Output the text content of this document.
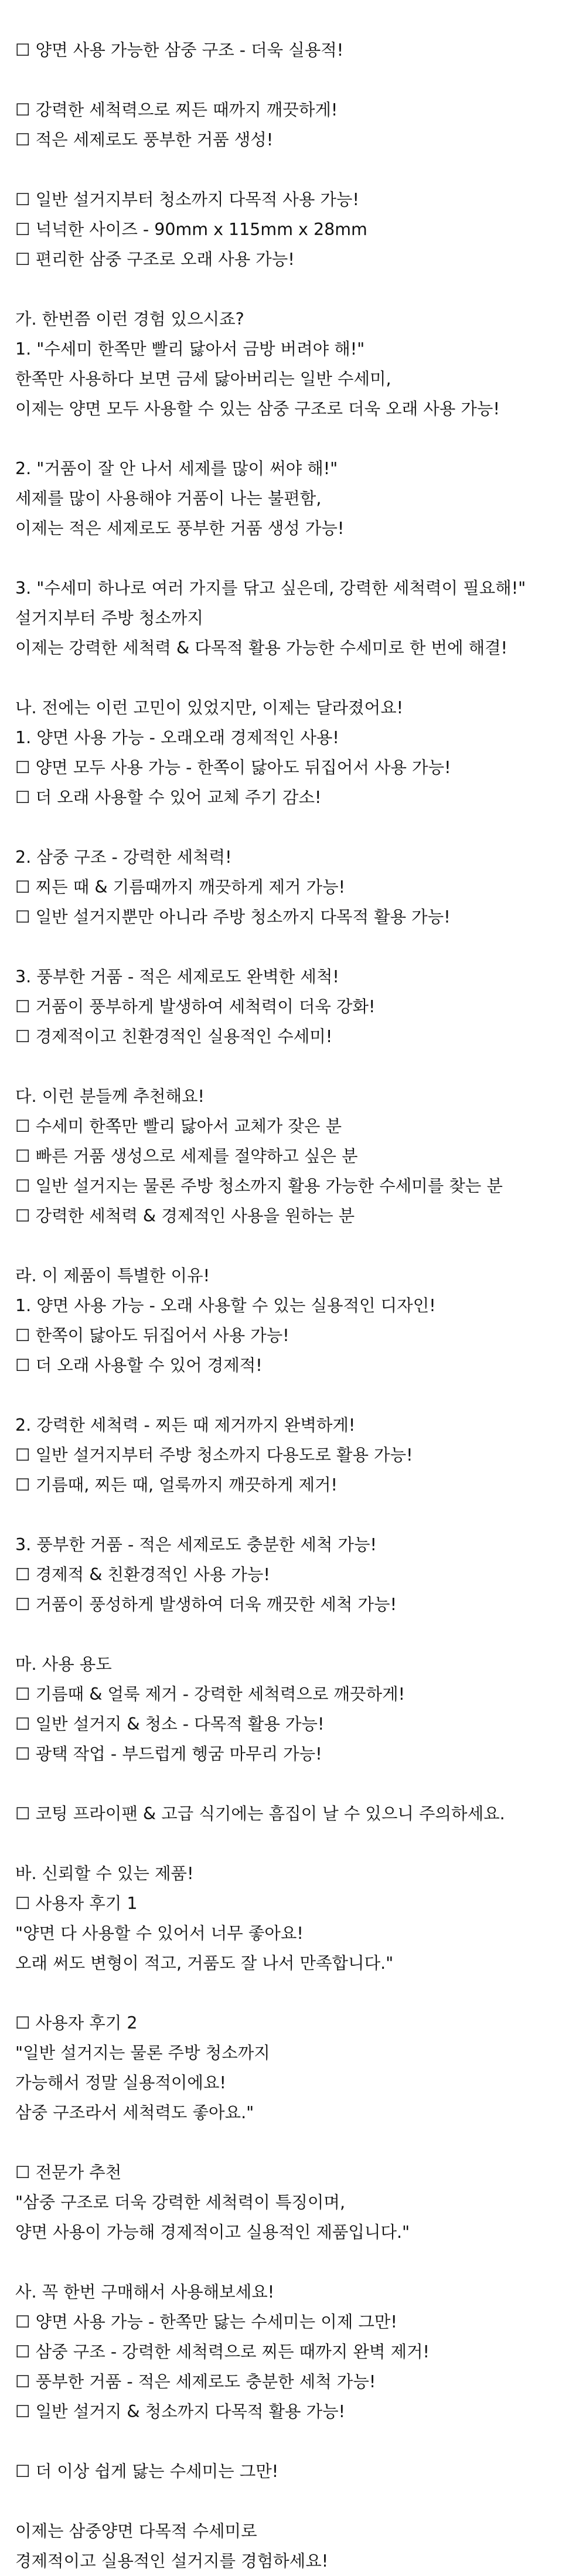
☐ 양면 사용 가능한 삼중 구조 - 더욱 실용적!
☐ 강력한 세척력으로 찌든 때까지 깨끗하게!
☐ 적은 세제로도 풍부한 거품 생성!
☐ 일반 설거지부터 청소까지 다목적 사용 가능!
☐ 넉넉한 사이즈 - 90mm x 115mm x 28mm
☐ 편리한 삼중 구조로 오래 사용 가능!
가. 한번쯤 이런 경험 있으시죠?
1. "수세미 한쪽만 빨리 닳아서 금방 버려야 해!"
한쪽만 사용하다 보면 금세 닳아버리는 일반 수세미,
이제는 양면 모두 사용할 수 있는 삼중 구조로 더욱 오래 사용 가능!
2. "거품이 잘 안 나서 세제를 많이 써야 해!"
세제를 많이 사용해야 거품이 나는 불편함,
이제는 적은 세제로도 풍부한 거품 생성 가능!
3. "수세미 하나로 여러 가지를 닦고 싶은데, 강력한 세척력이 필요해!"
설거지부터 주방 청소까지
이제는 강력한 세척력 & 다목적 활용 가능한 수세미로 한 번에 해결!
나. 전에는 이런 고민이 있었지만, 이제는 달라졌어요!
1. 양면 사용 가능 - 오래오래 경제적인 사용!
☐ 양면 모두 사용 가능 - 한쪽이 닳아도 뒤집어서 사용 가능!
☐ 더 오래 사용할 수 있어 교체 주기 감소!
2. 삼중 구조 - 강력한 세척력!
☐ 찌든 때 & 기름때까지 깨끗하게 제거 가능!
☐ 일반 설거지뿐만 아니라 주방 청소까지 다목적 활용 가능!
3. 풍부한 거품 - 적은 세제로도 완벽한 세척!
☐ 거품이 풍부하게 발생하여 세척력이 더욱 강화!
☐ 경제적이고 친환경적인 실용적인 수세미!
다. 이런 분들께 추천해요!
☐ 수세미 한쪽만 빨리 닳아서 교체가 잦은 분
☐ 빠른 거품 생성으로 세제를 절약하고 싶은 분
☐ 일반 설거지는 물론 주방 청소까지 활용 가능한 수세미를 찾는 분
☐ 강력한 세척력 & 경제적인 사용을 원하는 분
라. 이 제품이 특별한 이유!
1. 양면 사용 가능 - 오래 사용할 수 있는 실용적인 디자인!
☐ 한쪽이 닳아도 뒤집어서 사용 가능!
☐ 더 오래 사용할 수 있어 경제적!
2. 강력한 세척력 - 찌든 때 제거까지 완벽하게!
☐ 일반 설거지부터 주방 청소까지 다용도로 활용 가능!
☐ 기름때, 찌든 때, 얼룩까지 깨끗하게 제거!
3. 풍부한 거품 - 적은 세제로도 충분한 세척 가능!
☐ 경제적 & 친환경적인 사용 가능!
☐ 거품이 풍성하게 발생하여 더욱 깨끗한 세척 가능!
마. 사용 용도
☐ 기름때 & 얼룩 제거 - 강력한 세척력으로 깨끗하게!
☐ 일반 설거지 & 청소 - 다목적 활용 가능!
☐ 광택 작업 - 부드럽게 헹굼 마무리 가능!
☐ 코팅 프라이팬 & 고급 식기에는 흠집이 날 수 있으니 주의하세요.
바. 신뢰할 수 있는 제품!
☐ 사용자 후기 1
"양면 다 사용할 수 있어서 너무 좋아요!
오래 써도 변형이 적고, 거품도 잘 나서 만족합니다."
☐ 사용자 후기 2
"일반 설거지는 물론 주방 청소까지
가능해서 정말 실용적이에요!
삼중 구조라서 세척력도 좋아요."
☐ 전문가 추천
"삼중 구조로 더욱 강력한 세척력이 특징이며,
양면 사용이 가능해 경제적이고 실용적인 제품입니다."
사. 꼭 한번 구매해서 사용해보세요!
☐ 양면 사용 가능 - 한쪽만 닳는 수세미는 이제 그만!
☐ 삼중 구조 - 강력한 세척력으로 찌든 때까지 완벽 제거!
☐ 풍부한 거품 - 적은 세제로도 충분한 세척 가능!
☐ 일반 설거지 & 청소까지 다목적 활용 가능!
☐ 더 이상 쉽게 닳는 수세미는 그만!
이제는 삼중양면 다목적 수세미로
경제적이고 실용적인 설거지를 경험하세요!
